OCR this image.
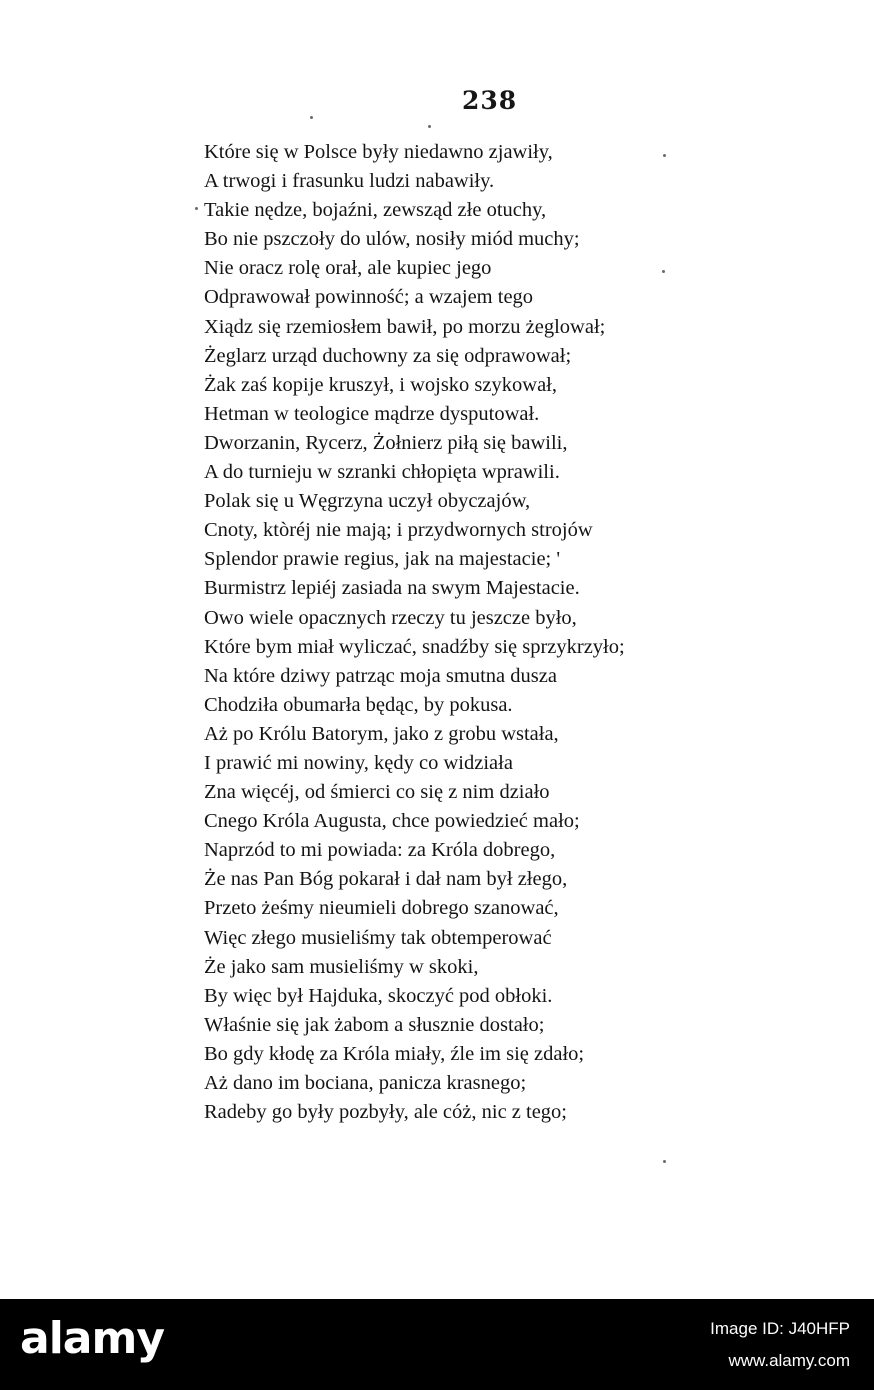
238
Które się w Polsce były niedawno zjawiły,
A trwogi i frasunku ludzi nabawiły.
Takie nędze, bojaźni, zewsząd złe otuchy,
Bo nie pszczoły do ulów, nosiły miód muchy;
Nie oracz rolę orał, ale kupiec jego
Odprawował powinność; a wzajem tego
Xiądz się rzemiosłem bawił, po morzu żeglował;
Żeglarz urząd duchowny za się odprawował;
Żak zaś kopije kruszył, i wojsko szykował,
Hetman w teologice mądrze dysputował.
Dworzanin, Rycerz, Żołnierz piłą się bawili,
A do turnieju w szranki chłopięta wprawili.
Polak się u Węgrzyna uczył obyczajów,
Cnoty, ktòréj nie mają; i przydwornych strojów
Splendor prawie regius, jak na majestacie; '
Burmistrz lepiéj zasiada na swym Majestacie.
Owo wiele opacznych rzeczy tu jeszcze było,
Które bym miał wyliczać, snadźby się sprzykrzyło;
Na które dziwy patrząc moja smutna dusza
Chodziła obumarła będąc, by pokusa.
Aż po Królu Batorym, jako z grobu wstała,
I prawić mi nowiny, kędy co widziała
Zna więcéj, od śmierci co się z nim działo
Cnego Króla Augusta, chce powiedzieć mało;
Naprzód to mi powiada: za Króla dobrego,
Że nas Pan Bóg pokarał i dał nam był złego,
Przeto żeśmy nieumieli dobrego szanować,
Więc złego musieliśmy tak obtemperować
Że jako sam musieliśmy w skoki,
By więc był Hajduka, skoczyć pod obłoki.
Właśnie się jak żabom a słusznie dostało;
Bo gdy kłodę za Króla miały, źle im się zdało;
Aż dano im bociana, panicza krasnego;
Radeby go były pozbyły, ale cóż, nic z tego;
alamy	Image ID: J40HFP
www.alamy.com
